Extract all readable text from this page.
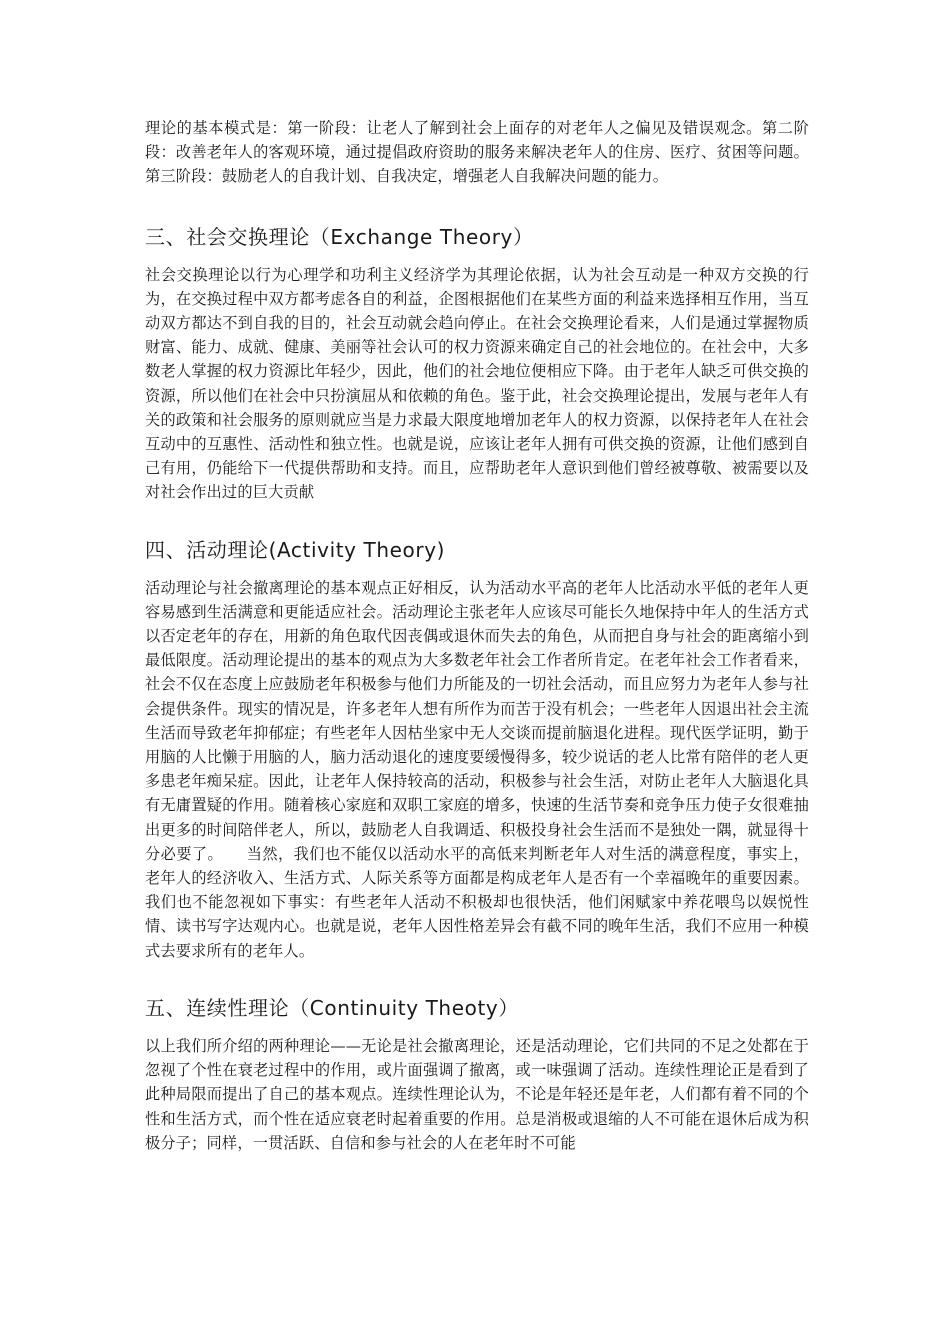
理论的基本模式是：第一阶段：让老人了解到社会上面存的对老年人之偏见及错误观念。第二阶段：改善老年人的客观环境，通过提倡政府资助的服务来解决老年人的住房、医疗、贫困等问题。第三阶段：鼓励老人的自我计划、自我决定，增强老人自我解决问题的能力。

三、社会交换理论（Exchange Theory）

社会交换理论以行为心理学和功利主义经济学为其理论依据，认为社会互动是一种双方交换的行为，在交换过程中双方都考虑各自的利益，企图根据他们在某些方面的利益来选择相互作用，当互动双方都达不到自我的目的，社会互动就会趋向停止。在社会交换理论看来，人们是通过掌握物质财富、能力、成就、健康、美丽等社会认可的权力资源来确定自己的社会地位的。在社会中，大多数老人掌握的权力资源比年轻少，因此，他们的社会地位便相应下降。由于老年人缺乏可供交换的资源，所以他们在社会中只扮演屈从和依赖的角色。鉴于此，社会交换理论提出，发展与老年人有关的政策和社会服务的原则就应当是力求最大限度地增加老年人的权力资源，以保持老年人在社会互动中的互惠性、活动性和独立性。也就是说，应该让老年人拥有可供交换的资源，让他们感到自己有用，仍能给下一代提供帮助和支持。而且，应帮助老年人意识到他们曾经被尊敬、被需要以及对社会作出过的巨大贡献

四、活动理论(Activity Theory)

活动理论与社会撤离理论的基本观点正好相反，认为活动水平高的老年人比活动水平低的老年人更容易感到生活满意和更能适应社会。活动理论主张老年人应该尽可能长久地保持中年人的生活方式以否定老年的存在，用新的角色取代因丧偶或退休而失去的角色，从而把自身与社会的距离缩小到最低限度。活动理论提出的基本的观点为大多数老年社会工作者所肯定。在老年社会工作者看来，社会不仅在态度上应鼓励老年积极参与他们力所能及的一切社会活动，而且应努力为老年人参与社会提供条件。现实的情况是，许多老年人想有所作为而苦于没有机会；一些老年人因退出社会主流生活而导致老年抑郁症；有些老年人因枯坐家中无人交谈而提前脑退化进程。现代医学证明，勤于用脑的人比懒于用脑的人，脑力活动退化的速度要缓慢得多，较少说话的老人比常有陪伴的老人更多患老年痴呆症。因此，让老年人保持较高的活动，积极参与社会生活，对防止老年人大脑退化具有无庸置疑的作用。随着核心家庭和双职工家庭的增多，快速的生活节奏和竞争压力使子女很难抽出更多的时间陪伴老人，所以，鼓励老人自我调适、积极投身社会生活而不是独处一隅，就显得十分必要了。　　当然，我们也不能仅以活动水平的高低来判断老年人对生活的满意程度，事实上，老年人的经济收入、生活方式、人际关系等方面都是构成老年人是否有一个幸福晚年的重要因素。我们也不能忽视如下事实：有些老年人活动不积极却也很快活，他们闲赋家中养花喂鸟以娱悦性情、读书写字达观内心。也就是说，老年人因性格差异会有截不同的晚年生活，我们不应用一种模式去要求所有的老年人。

五、连续性理论（Continuity Theoty）

以上我们所介绍的两种理论——无论是社会撤离理论，还是活动理论，它们共同的不足之处都在于忽视了个性在衰老过程中的作用，或片面强调了撤离，或一味强调了活动。连续性理论正是看到了此种局限而提出了自己的基本观点。连续性理论认为，不论是年轻还是年老，人们都有着不同的个性和生活方式，而个性在适应衰老时起着重要的作用。总是消极或退缩的人不可能在退休后成为积极分子；同样，一贯活跃、自信和参与社会的人在老年时不可能
